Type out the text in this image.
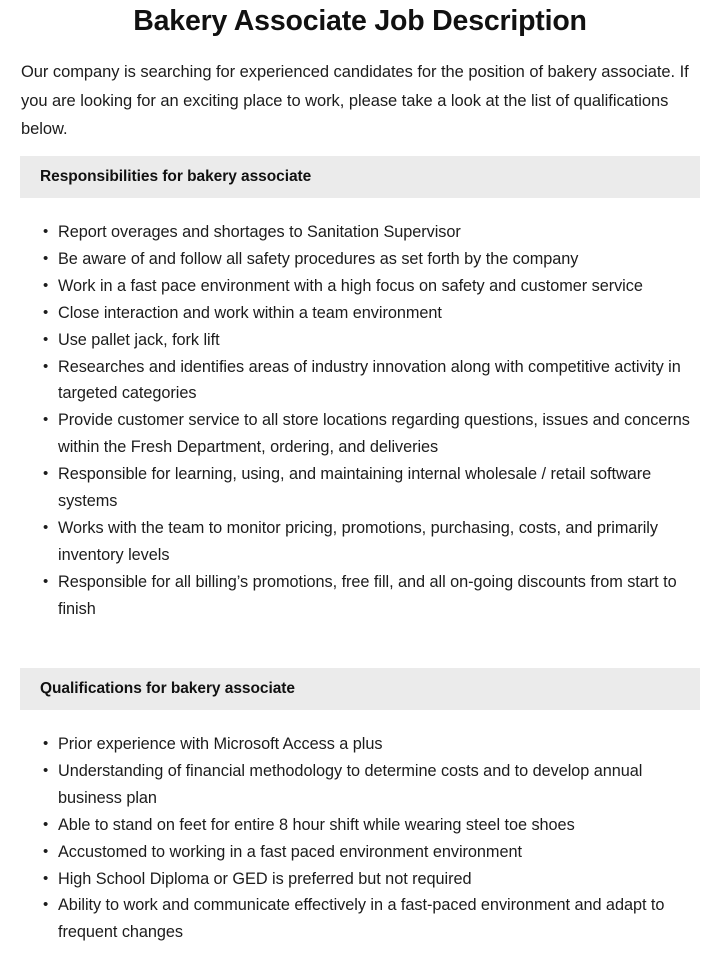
Bakery Associate Job Description

Our company is searching for experienced candidates for the position of bakery associate. If you are looking for an exciting place to work, please take a look at the list of qualifications below.

Responsibilities for bakery associate
• Report overages and shortages to Sanitation Supervisor
• Be aware of and follow all safety procedures as set forth by the company
• Work in a fast pace environment with a high focus on safety and customer service
• Close interaction and work within a team environment
• Use pallet jack, fork lift
• Researches and identifies areas of industry innovation along with competitive activity in targeted categories
• Provide customer service to all store locations regarding questions, issues and concerns within the Fresh Department, ordering, and deliveries
• Responsible for learning, using, and maintaining internal wholesale / retail software systems
• Works with the team to monitor pricing, promotions, purchasing, costs, and primarily inventory levels
• Responsible for all billing’s promotions, free fill, and all on-going discounts from start to finish
Qualifications for bakery associate
• Prior experience with Microsoft Access a plus
• Understanding of financial methodology to determine costs and to develop annual business plan
• Able to stand on feet for entire 8 hour shift while wearing steel toe shoes
• Accustomed to working in a fast paced environment environment
• High School Diploma or GED is preferred but not required
• Ability to work and communicate effectively in a fast-paced environment and adapt to frequent changes
